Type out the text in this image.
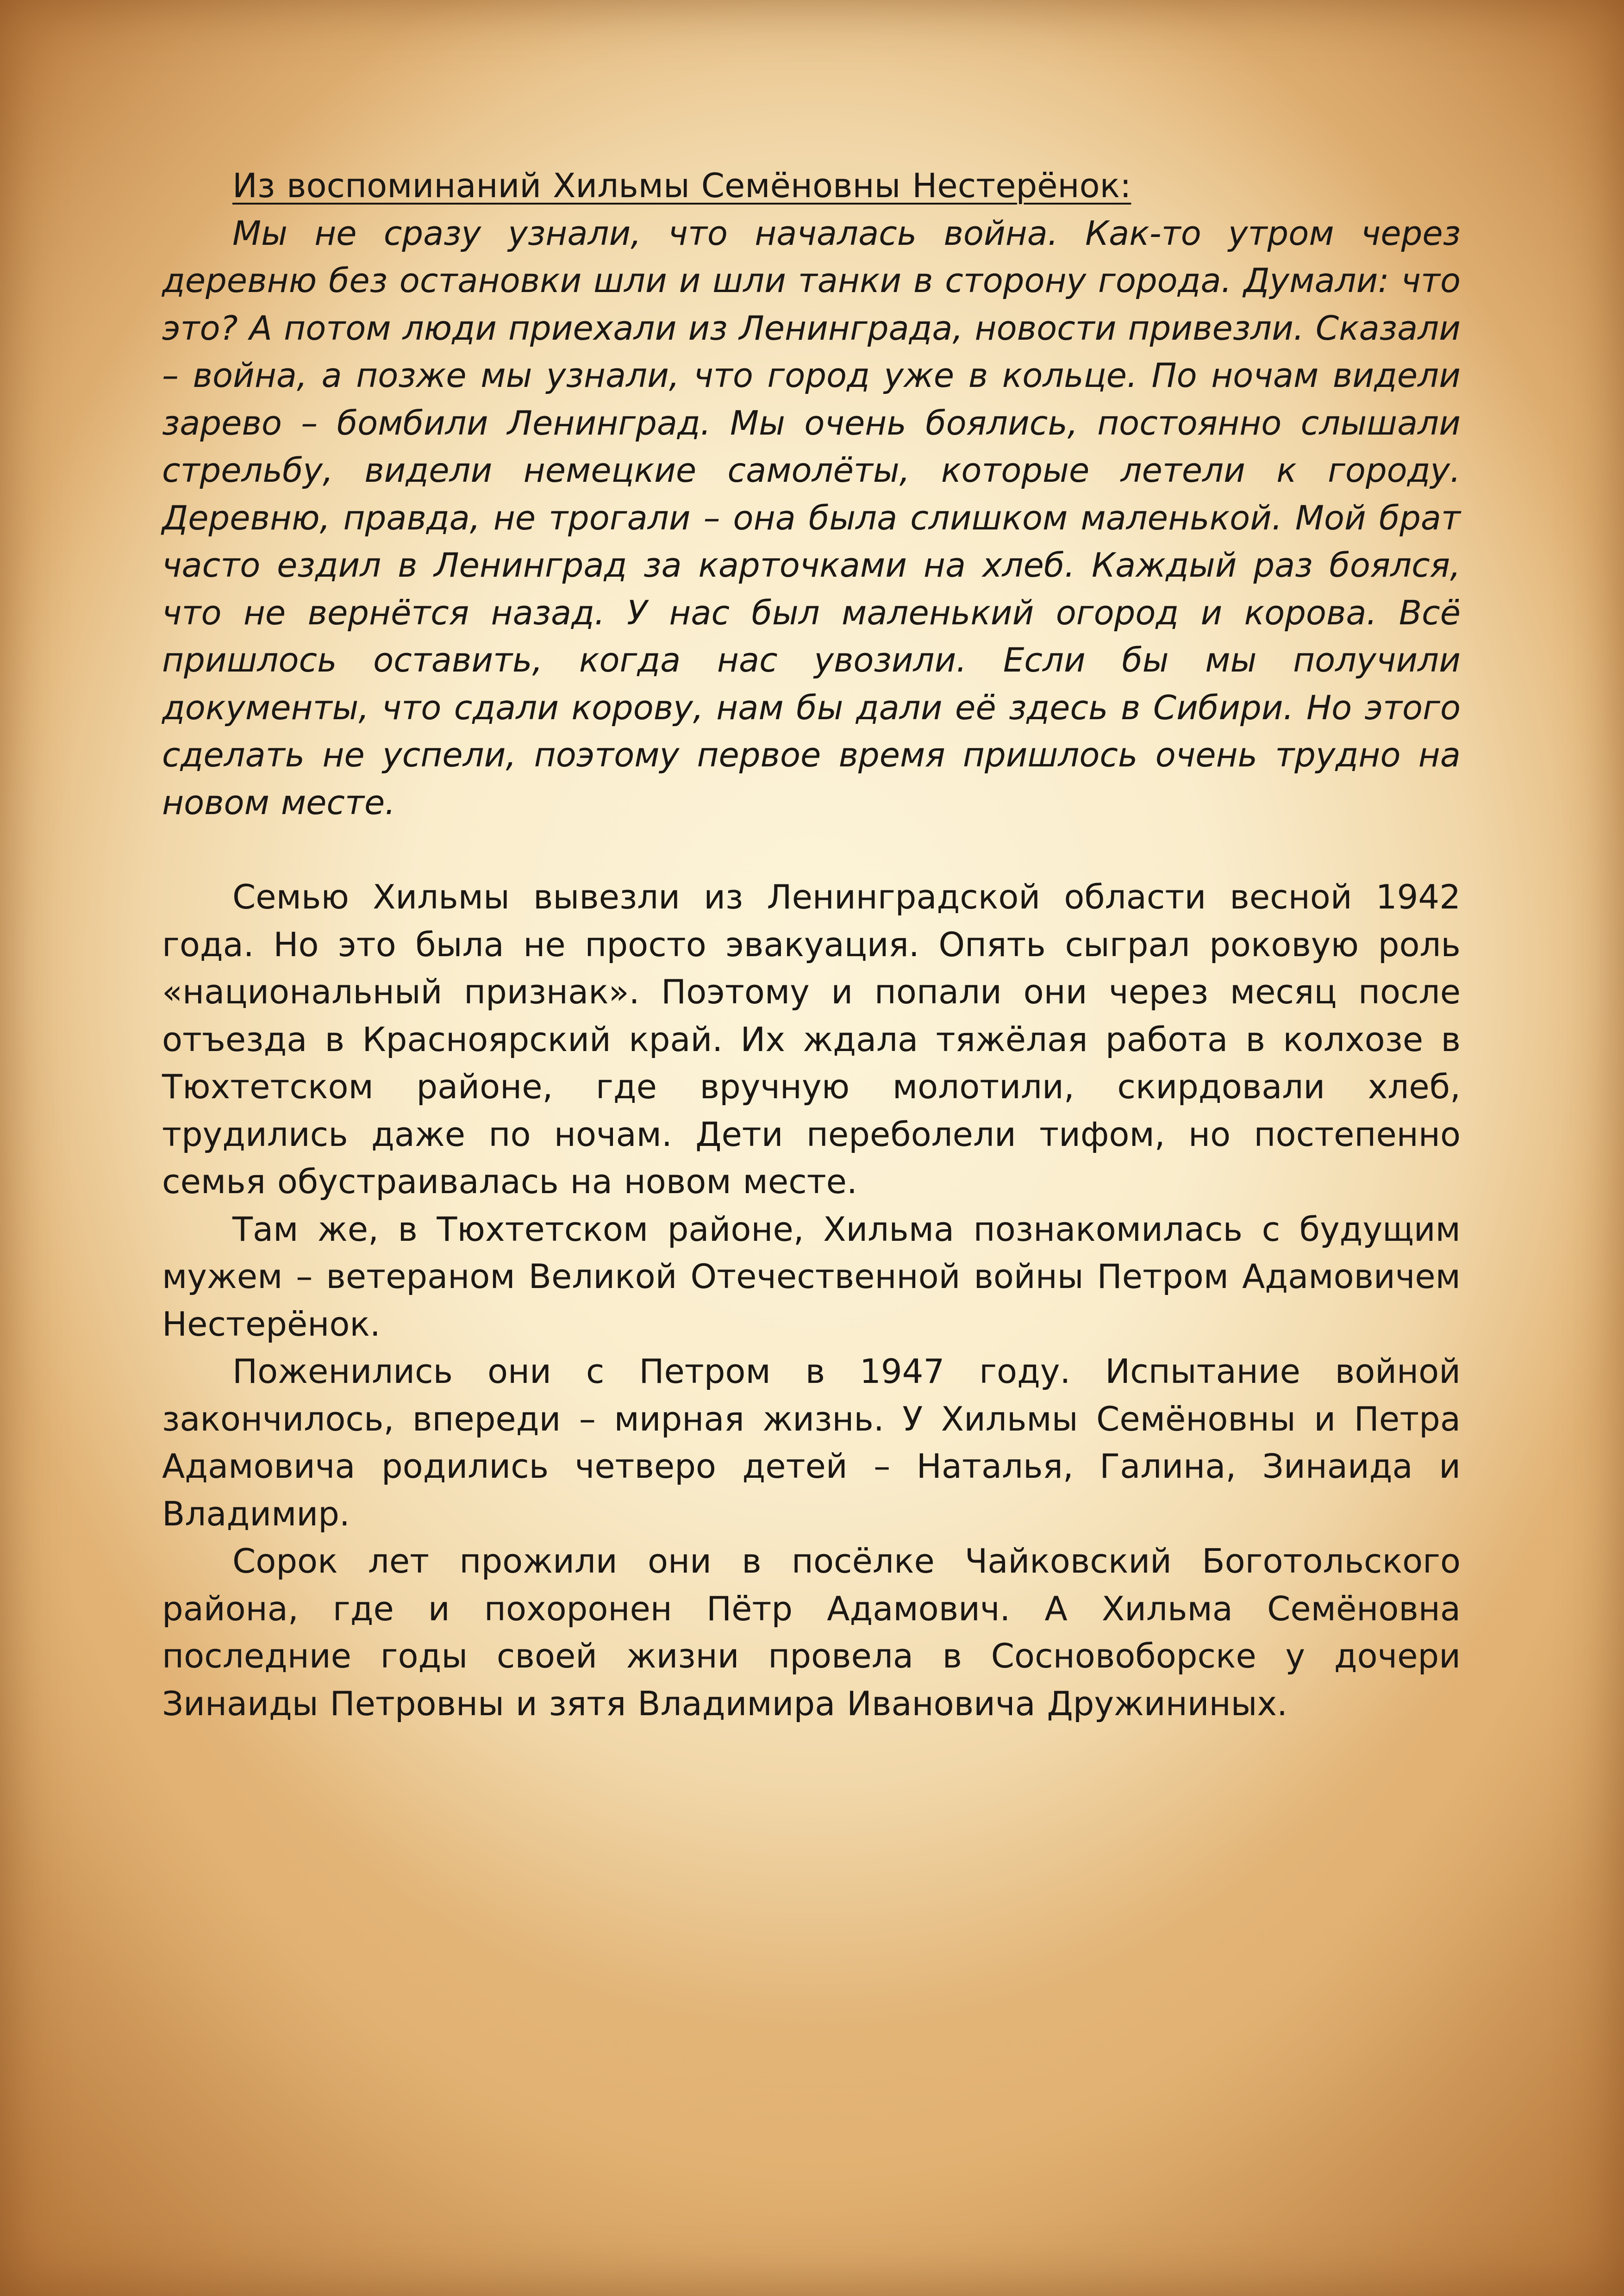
Из воспоминаний Хильмы Семёновны Нестерёнок:

Мы не сразу узнали, что началась война. Как-то утром через деревню без остановки шли и шли танки в сторону города. Думали: что это? А потом люди приехали из Ленинграда, новости привезли. Сказали – война, а позже мы узнали, что город уже в кольце. По ночам видели зарево – бомбили Ленинград. Мы очень боялись, постоянно слышали стрельбу, видели немецкие самолёты, которые летели к городу. Деревню, правда, не трогали – она была слишком маленькой. Мой брат часто ездил в Ленинград за карточками на хлеб. Каждый раз боялся, что не вернётся назад. У нас был маленький огород и корова. Всё пришлось оставить, когда нас увозили. Если бы мы получили документы, что сдали корову, нам бы дали её здесь в Сибири. Но этого сделать не успели, поэтому первое время пришлось очень трудно на новом месте.

Семью Хильмы вывезли из Ленинградской области весной 1942 года. Но это была не просто эвакуация. Опять сыграл роковую роль «национальный признак». Поэтому и попали они через месяц после отъезда в Красноярский край. Их ждала тяжёлая работа в колхозе в Тюхтетском районе, где вручную молотили, скирдовали хлеб, трудились даже по ночам. Дети переболели тифом, но постепенно семья обустраивалась на новом месте.

Там же, в Тюхтетском районе, Хильма познакомилась с будущим мужем – ветераном Великой Отечественной войны Петром Адамовичем Нестерёнок.

Поженились они с Петром в 1947 году. Испытание войной закончилось, впереди – мирная жизнь. У Хильмы Семёновны и Петра Адамовича родились четверо детей – Наталья, Галина, Зинаида и Владимир.

Сорок лет прожили они в посёлке Чайковский Боготольского района, где и похоронен Пётр Адамович. А Хильма Семёновна последние годы своей жизни провела в Сосновоборске у дочери Зинаиды Петровны и зятя Владимира Ивановича Дружининых.
